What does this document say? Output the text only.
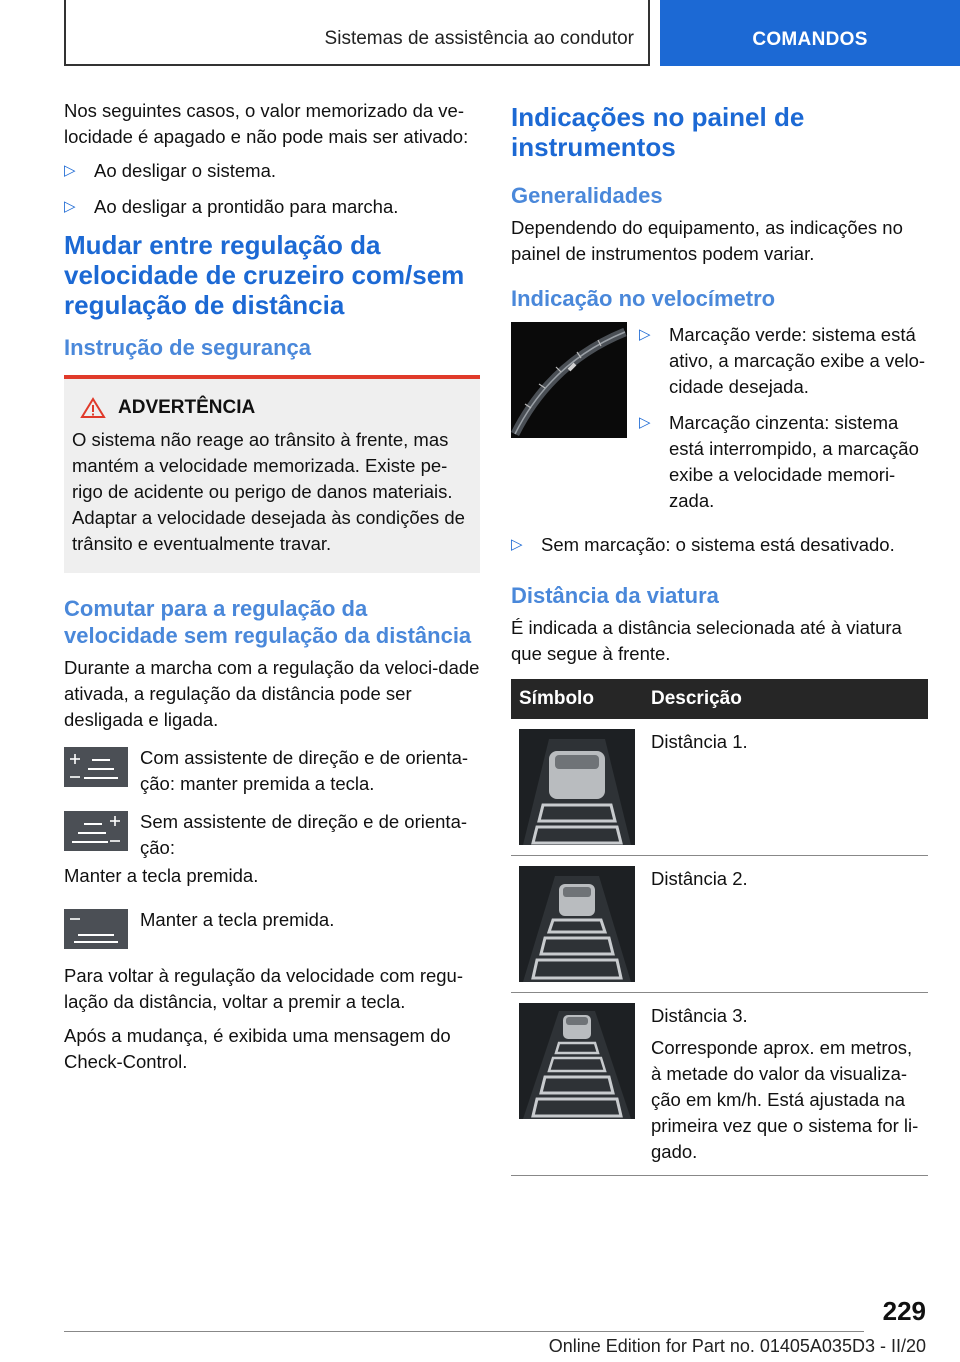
Sistemas de assistência ao condutor	COMANDOS

Nos seguintes casos, o valor memorizado da ve-locidade é apagado e não pode mais ser ativado:

▷ Ao desligar o sistema.
▷ Ao desligar a prontidão para marcha.
Mudar entre regulação da velocidade de cruzeiro com/sem regulação de distância
Instrução de segurança
ADVERTÊNCIA

O sistema não reage ao trânsito à frente, mas mantém a velocidade memorizada. Existe pe-rigo de acidente ou perigo de danos materiais. Adaptar a velocidade desejada às condições de trânsito e eventualmente travar.

Comutar para a regulação da velocidade sem regulação da distância

Durante a marcha com a regulação da veloci-dade ativada, a regulação da distância pode ser desligada e ligada.

Com assistente de direção e de orienta-ção: manter premida a tecla.
Sem assistente de direção e de orienta-ção:

Manter a tecla premida.

Manter a tecla premida.

Para voltar à regulação da velocidade com regu-lação da distância, voltar a premir a tecla.

Após a mudança, é exibida uma mensagem do Check-Control.

Indicações no painel de instrumentos
Generalidades

Dependendo do equipamento, as indicações no painel de instrumentos podem variar.

Indicação no velocímetro
▷ Marcação verde: sistema está ativo, a marcação exibe a velo-cidade desejada.
▷ Marcação cinzenta: sistema está interrompido, a marcação exibe a velocidade memori-zada.
▷ Sem marcação: o sistema está desativado.
Distância da viatura

É indicada a distância selecionada até à viatura que segue à frente.

Símbolo	Descrição

	Distância 1.

	Distância 2.

Distância 3.
Corresponde aprox. em metros, à metade do valor da visualiza-ção em km/h. Está ajustada na primeira vez que o sistema for li-gado.
229
Online Edition for Part no. 01405A035D3 - II/20
